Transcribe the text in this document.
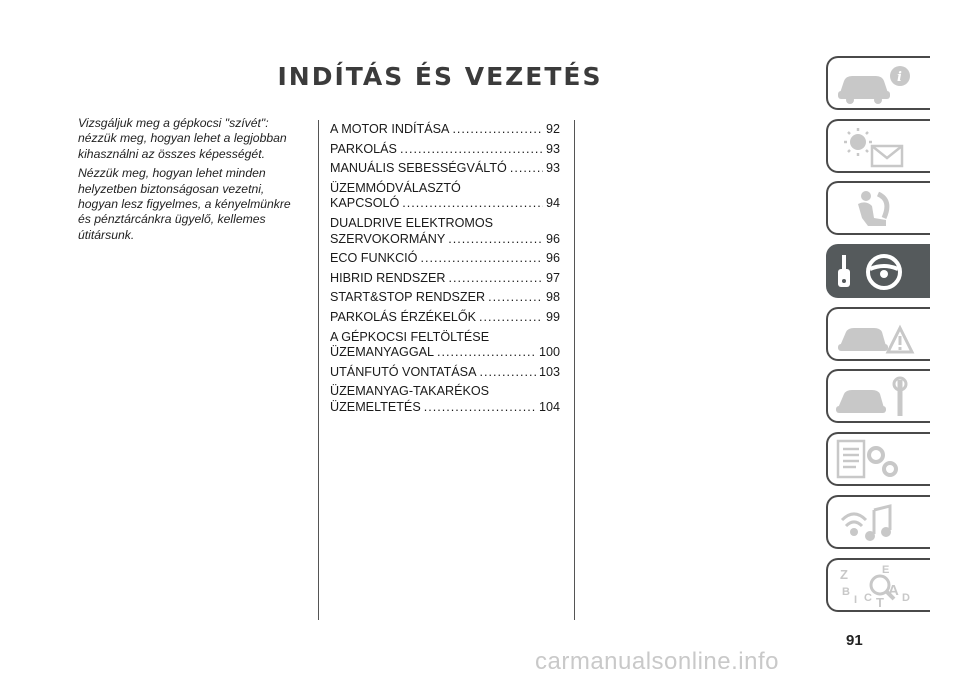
INDÍTÁS ÉS VEZETÉS

Vizsgáljuk meg a gépkocsi "szívét": nézzük meg, hogyan lehet a legjobban kihasználni az összes képességét.

Nézzük meg, hogyan lehet minden helyzetben biztonságosan vezetni, hogyan lesz figyelmes, a kényelmünkre és pénztárcánkra ügyelő, kellemes útitársunk.

A MOTOR INDÍTÁSA .....	92
PARKOLÁS .....	93
MANUÁLIS SEBESSÉGVÁLTÓ .....	93
ÜZEMMÓDVÁLASZTÓ
KAPCSOLÓ .....	94
DUALDRIVE ELEKTROMOS
SZERVOKORMÁNY .....	96
ECO FUNKCIÓ .....	96
HIBRID RENDSZER .....	97
START&STOP RENDSZER .....	98
PARKOLÁS ÉRZÉKELŐK .....	99
A GÉPKOCSI FELTÖLTÉSE
ÜZEMANYAGGAL .....	100
UTÁNFUTÓ VONTATÁSA .....	103
ÜZEMANYAG-TAKARÉKOS
ÜZEMELTETÉS .....	104
i
Z	E
B	A
I C T D
91
carmanualsonline.info
